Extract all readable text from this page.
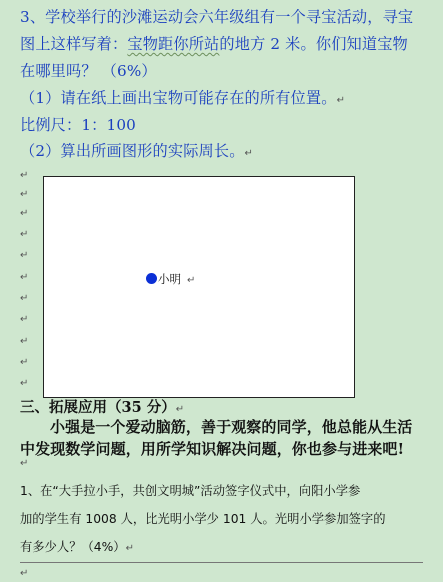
3、学校举行的沙滩运动会六年级组有一个寻宝活动，寻宝
图上这样写着：宝物距你所站的地方 2 米。你们知道宝物
在哪里吗？ （6%）
（1）请在纸上画出宝物可能存在的所有位置。↵
比例尺：1：100
（2）算出所画图形的实际周长。↵
↵
↵
↵
↵
↵
↵
↵
↵
↵
↵
↵
小明 ↵
三、拓展应用（35 分）↵
小强是一个爱动脑筋，善于观察的同学，他总能从生活
中发现数学问题，用所学知识解决问题，你也参与进来吧!
↵
1、在“大手拉小手，共创文明城”活动签字仪式中，向阳小学参
加的学生有 1008 人，比光明小学少 101 人。光明小学参加签字的
有多少人？（4%）↵
↵
